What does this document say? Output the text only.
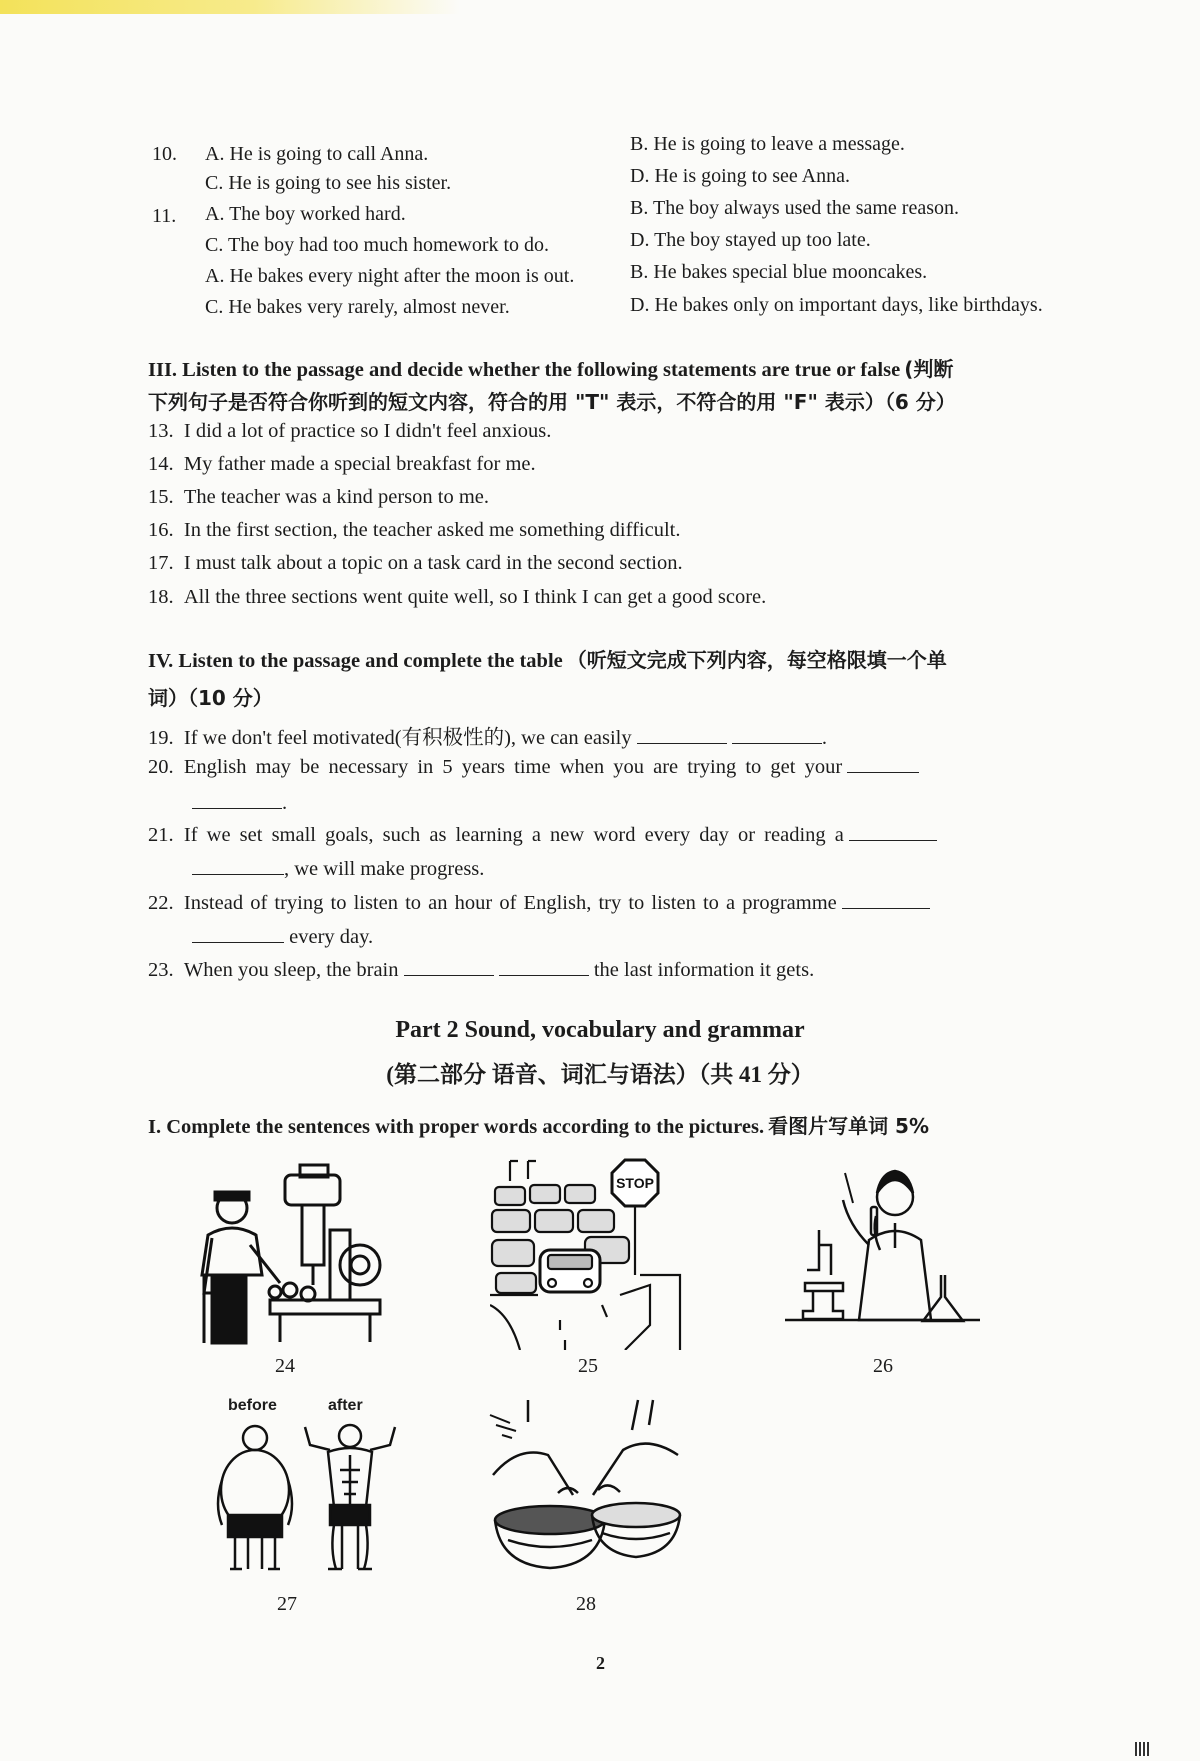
10. A. He is going to call Anna.	B. He is going to leave a message.
C. He is going to see his sister.	D. He is going to see Anna.
11. A. The boy worked hard.	B. The boy always used the same reason.
C. The boy had too much homework to do.	D. The boy stayed up too late.
A. He bakes every night after the moon is out.	B. He bakes special blue mooncakes.
C. He bakes very rarely, almost never.	D. He bakes only on important days, like birthdays.
III. Listen to the passage and decide whether the following statements are true or false (判断
下列句子是否符合你听到的短文内容，符合的用 "T" 表示，不符合的用 "F" 表示）（6 分）
13. I did a lot of practice so I didn't feel anxious.
14. My father made a special breakfast for me.
15. The teacher was a kind person to me.
16. In the first section, the teacher asked me something difficult.
17. I must talk about a topic on a task card in the second section.
18. All the three sections went quite well, so I think I can get a good score.
IV. Listen to the passage and complete the table （听短文完成下列内容，每空格限填一个单
词）（10 分）
19. If we don't feel motivated(有积极性的), we can easily	.
20. English may be necessary in 5 years time when you are trying to get your
.
21. If we set small goals, such as learning a new word every day or reading a
, we will make progress.
22. Instead of trying to listen to an hour of English, try to listen to a programme
every day.
23. When you sleep, the brain	the last information it gets.
Part 2 Sound, vocabulary and grammar
(第二部分 语音、词汇与语法）（共 41 分）
I. Complete the sentences with proper words according to the pictures. 看图片写单词 5%
24
STOP
25	26
before	after
27	28
2
